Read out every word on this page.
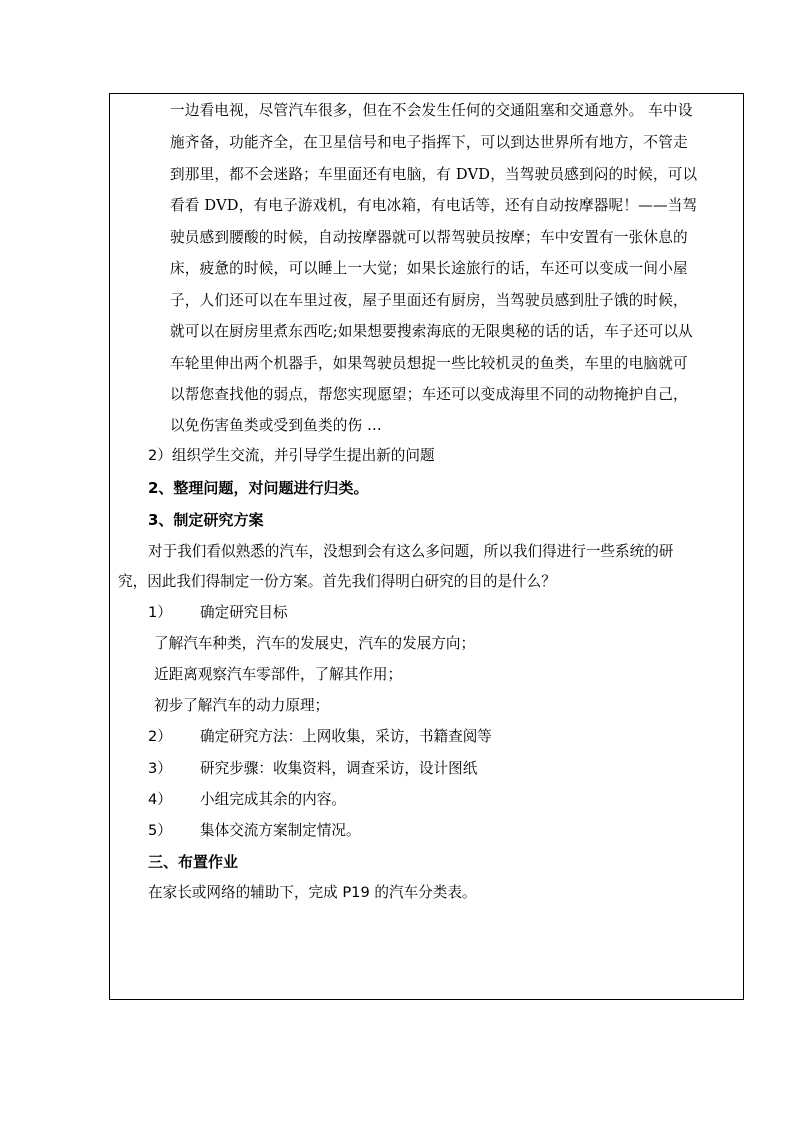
一边看电视，尽管汽车很多，但在不会发生任何的交通阻塞和交通意外。 车中设
施齐备，功能齐全，在卫星信号和电子指挥下，可以到达世界所有地方，不管走
到那里，都不会迷路；车里面还有电脑，有 DVD，当驾驶员感到闷的时候，可以
看看 DVD，有电子游戏机，有电冰箱，有电话等，还有自动按摩器呢！——当驾
驶员感到腰酸的时候，自动按摩器就可以帮驾驶员按摩；车中安置有一张休息的
床，疲惫的时候，可以睡上一大觉；如果长途旅行的话，车还可以变成一间小屋
子，人们还可以在车里过夜，屋子里面还有厨房，当驾驶员感到肚子饿的时候，
就可以在厨房里煮东西吃;如果想要搜索海底的无限奥秘的话的话，车子还可以从
车轮里伸出两个机器手，如果驾驶员想捉一些比较机灵的鱼类，车里的电脑就可
以帮您查找他的弱点，帮您实现愿望；车还可以变成海里不同的动物掩护自己，
以免伤害鱼类或受到鱼类的伤 ...
2）组织学生交流，并引导学生提出新的问题
2、整理问题，对问题进行归类。
3、制定研究方案
对于我们看似熟悉的汽车，没想到会有这么多问题，所以我们得进行一些系统的研
究，因此我们得制定一份方案。首先我们得明白研究的目的是什么？
1） 确定研究目标
了解汽车种类，汽车的发展史，汽车的发展方向；
近距离观察汽车零部件，了解其作用；
初步了解汽车的动力原理；
2） 确定研究方法：上网收集，采访，书籍查阅等
3） 研究步骤：收集资料，调查采访，设计图纸
4） 小组完成其余的内容。
5） 集体交流方案制定情况。
三、布置作业
在家长或网络的辅助下，完成 P19 的汽车分类表。
